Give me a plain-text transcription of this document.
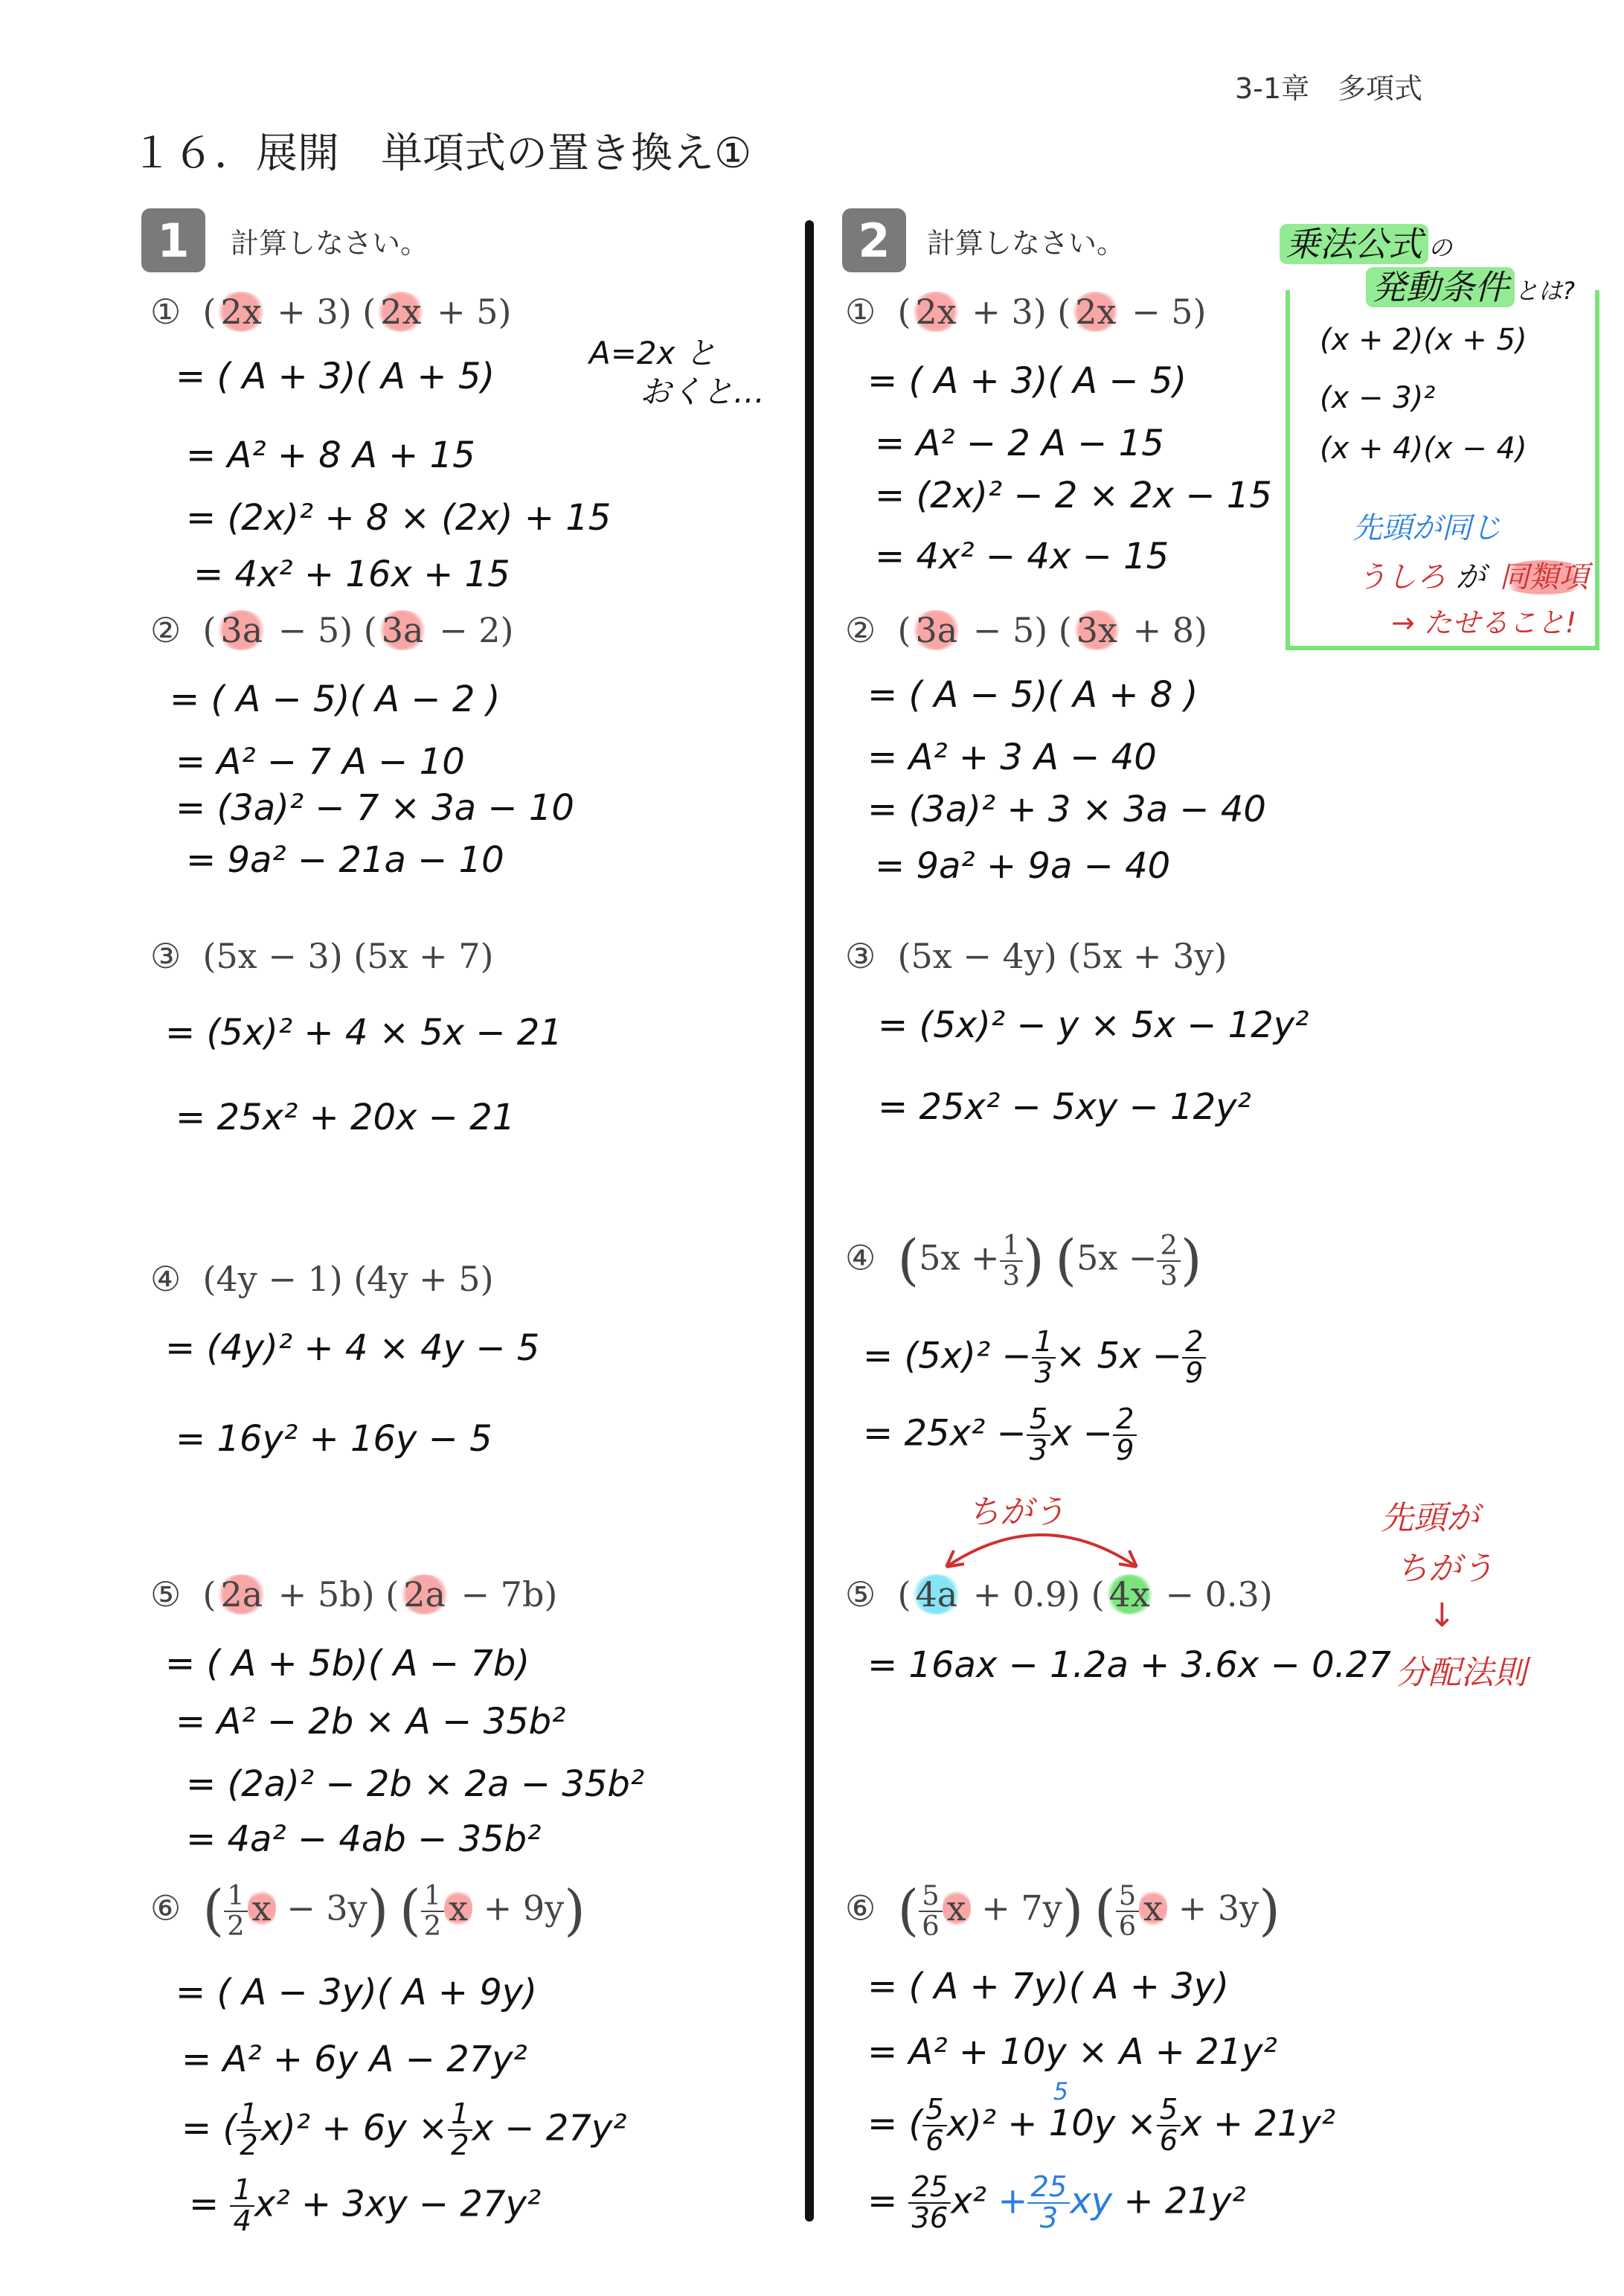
3-1章　多項式
１６．展開　単項式の置き換え①
1	計算しなさい。	2	計算しなさい。
①  ( 2x + 3) ( 2x + 5)
= ( A + 3)( A + 5)
= A² + 8 A + 15
= (2x)² + 8 × (2x) + 15
= 4x² + 16x + 15
A=2x と
おくと…
②  ( 3a − 5) ( 3a − 2)
= ( A − 5)( A − 2 )
= A² − 7 A − 10
= (3a)² − 7 × 3a − 10
= 9a² − 21a − 10
③ (5x − 3) (5x + 7)
= (5x)² + 4 × 5x − 21
= 25x² + 20x − 21
④ (4y − 1) (4y + 5)
= (4y)² + 4 × 4y − 5
= 16y² + 16y − 5
⑤  ( 2a + 5b) ( 2a − 7b)
= ( A + 5b)( A − 7b)
= A² − 2b × A − 35b²
= (2a)² − 2b × 2a − 35b²
= 4a² − 4ab − 35b²
⑥ ( $\frac{1}{2}$ x − 3y) ( $\frac{1}{2}$ x + 9y)
= ( A − 3y)( A + 9y)
= A² + 6y A − 27y²
= ( $\frac{1}{2} x)^2 + 6y \times \frac{1}{2}$ x − 27y²
= $\frac{1}{4} x^2 + 3xy - 27y^2$
①  ( 2x + 3) ( 2x − 5)
= ( A + 3)( A − 5)
= A² − 2 A − 15
= (2x)² − 2 × 2x − 15
= 4x² − 4x − 15
②  ( 3a − 5) ( 3x + 8)
= ( A − 5)( A + 8 )
= A² + 3 A − 40
= (3a)² + 3 × 3a − 40
= 9a² + 9a − 40
③ (5x − 4y) (5x + 3y)
= (5x)² − y × 5x − 12y²
= 25x² − 5xy − 12y²
④ ($5x + \frac{1}{3}$ ) ($5x - \frac{2}{3}$ )
= $(5x)^2 - \frac{1}{3} \times 5x - \frac{2}{9}$
= $25x^2 - \frac{5}{3}$ $x - \frac{2}{9}$
ちがう
⑤  ( 4a + 0.9) ( 4x − 0.3)
= 16ax − 1.2a + 3.6x − 0.27
先頭が
ちがう
↓
分配法則
⑥ ( $\frac{5}{6}$ x + 7y) ( $\frac{5}{6}$ x + 3y)
= ( A + 7y)( A + 3y)
= A² + 10y × A + 21y²
= ( $\frac{5}{6} x)^2 + 10$
5
$y \times \frac{5}{6}$ x + 21y²
= $\frac{25}{36} x^2 + \frac{25}{3}$ xy + 21y²
乗法公式 の
発動条件 とは?
(x + 2)(x + 5)
(x − 3)²
(x + 4)(x − 4)
先頭が同じ
うしろ が 同類項
→ たせること!
